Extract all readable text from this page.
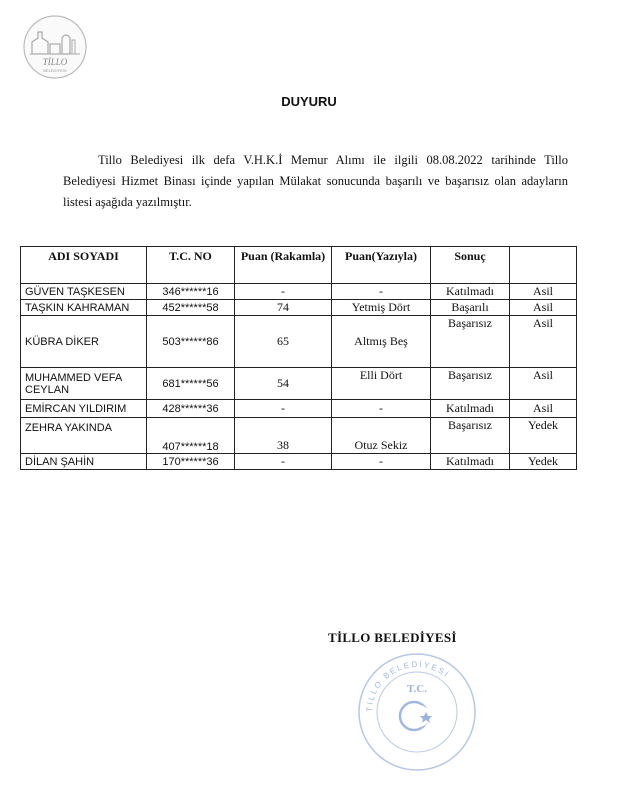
TİLLO
BELEDİYESİ
DUYURU
Tillo Belediyesi ilk defa V.H.K.İ Memur Alımı ile ilgili 08.08.2022 tarihinde Tillo
Belediyesi Hizmet Binası içinde yapılan Mülakat sonucunda başarılı ve başarısız olan adayların listesi aşağıda yazılmıştır.
ADI SOYADI	T.C. NO	Puan (Rakamla)	Puan(Yazıyla)	Sonuç	
GÜVEN TAŞKESEN	346******16	-	-	Katılmadı	Asil
TAŞKIN KAHRAMAN	452******58	74	Yetmiş Dört	Başarılı	Asil
KÜBRA DİKER	503******86	65	Altmış Beş	Başarısız	Asil
MUHAMMED VEFA CEYLAN	681******56	54	Elli Dört	Başarısız	Asil
EMİRCAN YILDIRIM	428******36	-	-	Katılmadı	Asil
ZEHRA YAKINDA	407******18	38	Otuz Sekiz	Başarısız	Yedek
DİLAN ŞAHİN	170******36	-	-	Katılmadı	Yedek
TİLLO BELEDİYESİ
TİLLO BELEDİYESİ
T.C.
